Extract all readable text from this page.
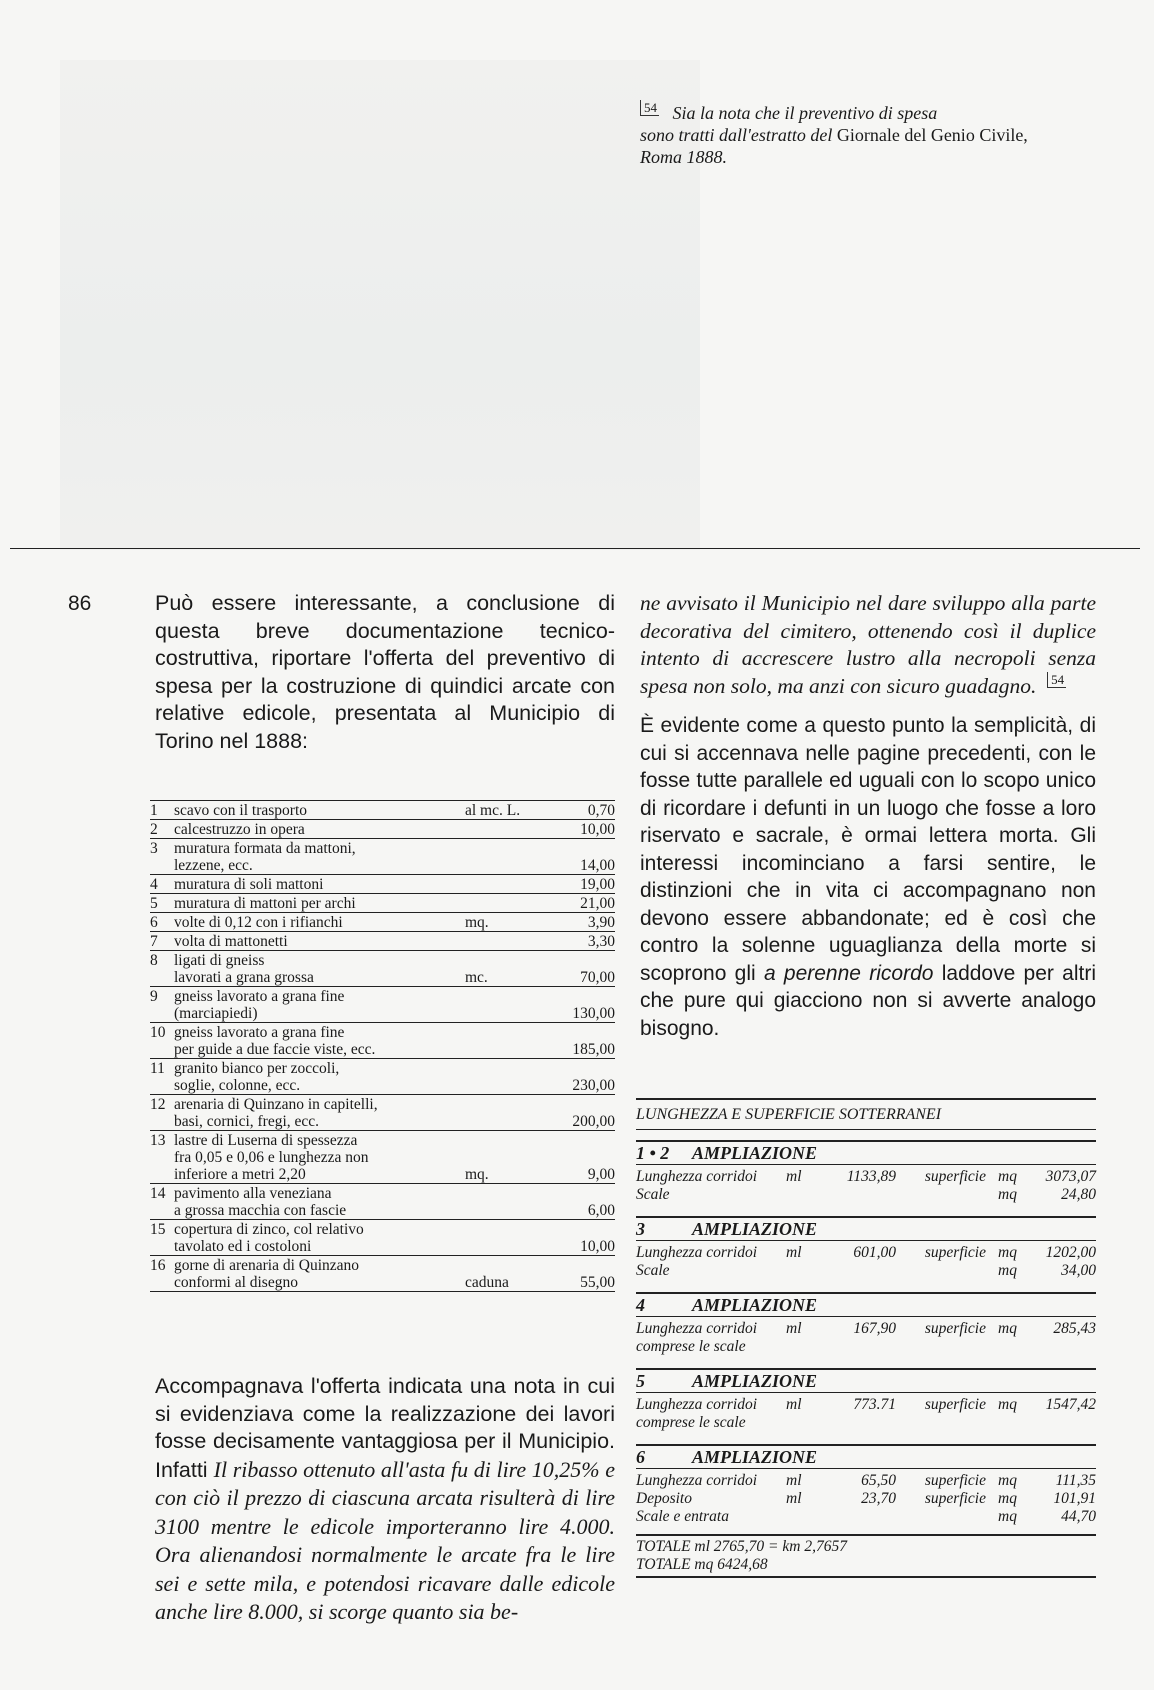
$^{54}$ Sia la nota che il preventivo di spesa
sono tratti dall'estratto del Giornale del Genio Civile,
Roma 1888.
86	Può essere interessante, a conclusione di questa breve documentazione tecnico-costruttiva, riportare l'offerta del preventivo di spesa per la costruzione di quindici arcate con relative edicole, presentata al Municipio di Torino nel 1888:

1	scavo con il trasporto	al mc. L.	0,70
2	calcestruzzo in opera	10,00
3	muratura formata da mattoni,
lezzene, ecc.	14,00
4	muratura di soli mattoni	19,00
5	muratura di mattoni per archi	21,00
6	volte di 0,12 con i rifianchi	mq.	3,90
7	volta di mattonetti	3,30
8	ligati di gneiss
lavorati a grana grossa	mc.	70,00
9	gneiss lavorato a grana fine
(marciapiedi)	130,00
10 gneiss lavorato a grana fine
per guide a due faccie viste, ecc.	185,00
11 granito bianco per zoccoli,
soglie, colonne, ecc.	230,00
12 arenaria di Quinzano in capitelli,
basi, cornici, fregi, ecc.	200,00
13 lastre di Luserna di spessezza
fra 0,05 e 0,06 e lunghezza non
inferiore a metri 2,20	mq.	9,00
14 pavimento alla veneziana
a grossa macchia con fascie	6,00
15 copertura di zinco, col relativo
tavolato ed i costoloni	10,00
16 gorne di arenaria di Quinzano
conformi al disegno	caduna	55,00

Accompagnava l'offerta indicata una nota in cui si evidenziava come la realizzazione dei lavori fosse decisamente vantaggiosa per il Municipio. Infatti Il ribasso ottenuto all'asta fu di lire 10,25% e con ciò il prezzo di ciascuna arcata risulterà di lire 3100 mentre le edicole importeranno lire 4.000. Ora alienandosi normalmente le arcate fra le lire sei e sette mila, e potendosi ricavare dalle edicole anche lire 8.000, si scorge quanto sia be-

ne avvisato il Municipio nel dare sviluppo alla parte decorativa del cimitero, ottenendo così il duplice intento di accrescere lustro alla necropoli senza spesa non solo, ma anzi con sicuro guadagno. $^{54}$

È evidente come a questo punto la semplicità, di cui si accennava nelle pagine precedenti, con le fosse tutte parallele ed uguali con lo scopo unico di ricordare i defunti in un luogo che fosse a loro riservato e sacrale, è ormai lettera morta. Gli interessi incominciano a farsi sentire, le distinzioni che in vita ci accompagnano non devono essere abbandonate; ed è così che contro la solenne uguaglianza della morte si scoprono gli a perenne ricordo laddove per altri che pure qui giacciono non si avverte analogo bisogno.

LUNGHEZZA E SUPERFICIE SOTTERRANEI
1 • 2 AMPLIAZIONE
Lunghezza corridoi	ml	1133,89	superficie mq	3073,07
Scale	mq	24,80
3	AMPLIAZIONE
Lunghezza corridoi	ml	601,00	superficie mq	1202,00
Scale	mq	34,00
4	AMPLIAZIONE
Lunghezza corridoi	ml	167,90	superficie mq	285,43
comprese le scale
5	AMPLIAZIONE
Lunghezza corridoi	ml	773.71	superficie mq	1547,42
comprese le scale
6	AMPLIAZIONE
Lunghezza corridoi	ml	65,50	superficie mq	111,35
Deposito	ml	23,70	superficie mq	101,91
Scale e entrata	mq	44,70
TOTALE ml 2765,70 = km 2,7657
TOTALE mq 6424,68
